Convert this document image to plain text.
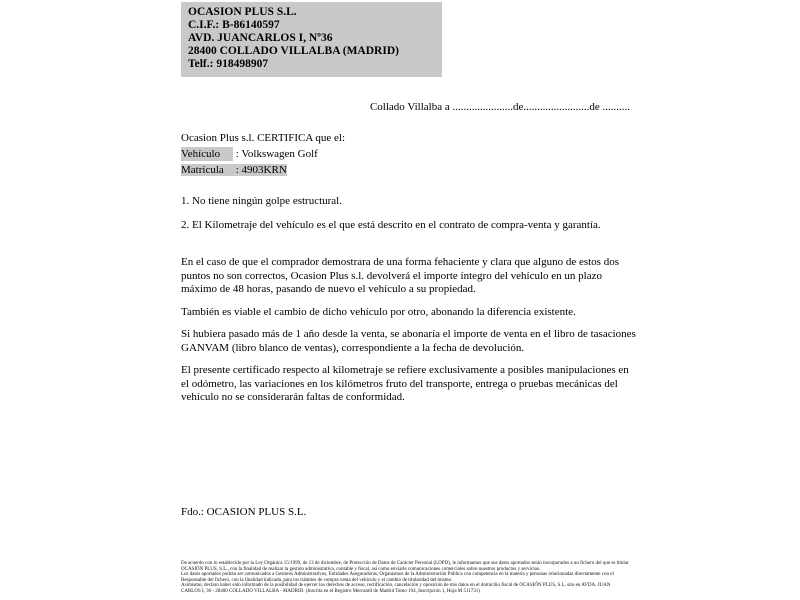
OCASION PLUS S.L.
C.I.F.: B-86140597
AVD. JUANCARLOS I, Nº36
28400 COLLADO VILLALBA (MADRID)
Telf.: 918498907
Collado Villalba a ......................de........................de ..........
Ocasion Plus s.l. CERTIFICA que el:
Vehículo : Volkswagen Golf
Matrícula : 4903KRN
1. No tiene ningún golpe estructural.
2. El Kilometraje del vehículo es el que está descrito en el contrato de compra-venta y garantía.
En el caso de que el comprador demostrara de una forma fehaciente y clara que alguno de estos dos puntos no son correctos, Ocasion Plus s.l. devolverá el importe íntegro del vehículo en un plazo máximo de 48 horas, pasando de nuevo el vehículo a su propiedad.
También es viable el cambio de dicho vehículo por otro, abonando la diferencia existente.
Si hubiera pasado más de 1 año desde la venta, se abonaría el importe de venta en el libro de tasaciones GANVAM (libro blanco de ventas), correspondiente a la fecha de devolución.
El presente certificado respecto al kilometraje se refiere exclusivamente a posibles manipulaciones en el odómetro, las variaciones en los kilómetros fruto del transporte, entrega o pruebas mecánicas del vehículo no se considerarán faltas de conformidad.
Fdo.: OCASION PLUS S.L.
De acuerdo con lo establecido por la Ley Orgánica 15/1999, de 13 de diciembre, de Protección de Datos de Carácter Personal (LOPD), le informamos que sus datos aportados serán incorporados a un fichero del que es titular
OCASIÓN PLUS, S.L., con la finalidad de realizar la gestión administrativa, contable y fiscal, así como enviarle comunicaciones comerciales sobre nuestros productos y servicios.
Los datos aportados podrán ser comunicados a Gestores Administrativos, Entidades Aseguradoras, Organismos de la Administración Pública con competencia en la materia y personas relacionadas directamente con el
Responsable del fichero, con la finalidad indicada, para los trámites de compra venta del vehículo y el cambio de titularidad del mismo.
Asimismo, declaro haber sido informado de la posibilidad de ejercer los derechos de acceso, rectificación, cancelación y oposición de mis datos en el domicilio fiscal de OCASIÓN PLUS, S.L. sito en AVDA. JUAN
CARLOS I, 36 - 28400 COLLADO VILLALBA - MADRID. (Inscrita en el Registro Mercantil de Madrid Tomo 194, Inscripción 1, Hoja M 511731)
